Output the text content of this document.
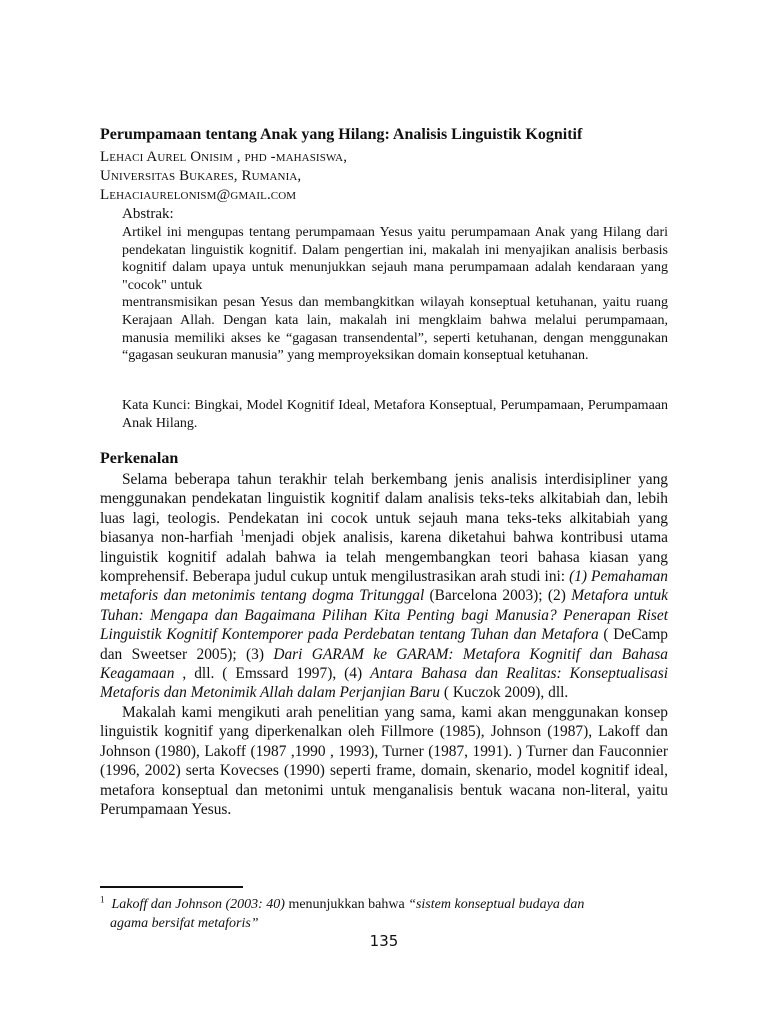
Perumpamaan tentang Anak yang Hilang: Analisis Linguistik Kognitif
Lehaci Aurel Onisim , phd -mahasiswa,
Universitas Bukares, Rumania,
Lehaciaurelonism@gmail.com
Abstrak:

Artikel ini mengupas tentang perumpamaan Yesus yaitu perumpamaan Anak yang Hilang dari pendekatan linguistik kognitif. Dalam pengertian ini, makalah ini menyajikan analisis berbasis kognitif dalam upaya untuk menunjukkan sejauh mana perumpamaan adalah kendaraan yang "cocok" untuk

mentransmisikan pesan Yesus dan membangkitkan wilayah konseptual ketuhanan, yaitu ruang Kerajaan Allah. Dengan kata lain, makalah ini mengklaim bahwa melalui perumpamaan, manusia memiliki akses ke “gagasan transendental”, seperti ketuhanan, dengan menggunakan “gagasan seukuran manusia” yang memproyeksikan domain konseptual ketuhanan.

Kata Kunci: Bingkai, Model Kognitif Ideal, Metafora Konseptual, Perumpamaan, Perumpamaan Anak Hilang.
Perkenalan

Selama beberapa tahun terakhir telah berkembang jenis analisis interdisipliner yang menggunakan pendekatan linguistik kognitif dalam analisis teks-teks alkitabiah dan, lebih luas lagi, teologis. Pendekatan ini cocok untuk sejauh mana teks-teks alkitabiah yang biasanya non-harfiah $^1$menjadi objek analisis, karena diketahui bahwa kontribusi utama linguistik kognitif adalah bahwa ia telah mengembangkan teori bahasa kiasan yang komprehensif. Beberapa judul cukup untuk mengilustrasikan arah studi ini: (1) Pemahaman metaforis dan metonimis tentang dogma Tritunggal (Barcelona 2003); (2) Metafora untuk Tuhan: Mengapa dan Bagaimana Pilihan Kita Penting bagi Manusia? Penerapan Riset Linguistik Kognitif Kontemporer pada Perdebatan tentang Tuhan dan Metafora ( DeCamp dan Sweetser 2005); (3) Dari GARAM ke GARAM: Metafora Kognitif dan Bahasa Keagamaan , dll. ( Emssard 1997), (4) Antara Bahasa dan Realitas: Konseptualisasi Metaforis dan Metonimik Allah dalam Perjanjian Baru ( Kuczok 2009), dll.

Makalah kami mengikuti arah penelitian yang sama, kami akan menggunakan konsep linguistik kognitif yang diperkenalkan oleh Fillmore (1985), Johnson (1987), Lakoff dan Johnson (1980), Lakoff (1987 ,1990 , 1993), Turner (1987, 1991). ) Turner dan Fauconnier (1996, 2002) serta Kovecses (1990) seperti frame, domain, skenario, model kognitif ideal, metafora konseptual dan metonimi untuk menganalisis bentuk wacana non-literal, yaitu Perumpamaan Yesus.

$^1$ Lakoff dan Johnson (2003: 40) menunjukkan bahwa “sistem konseptual budaya dan
agama bersifat metaforis”
135
